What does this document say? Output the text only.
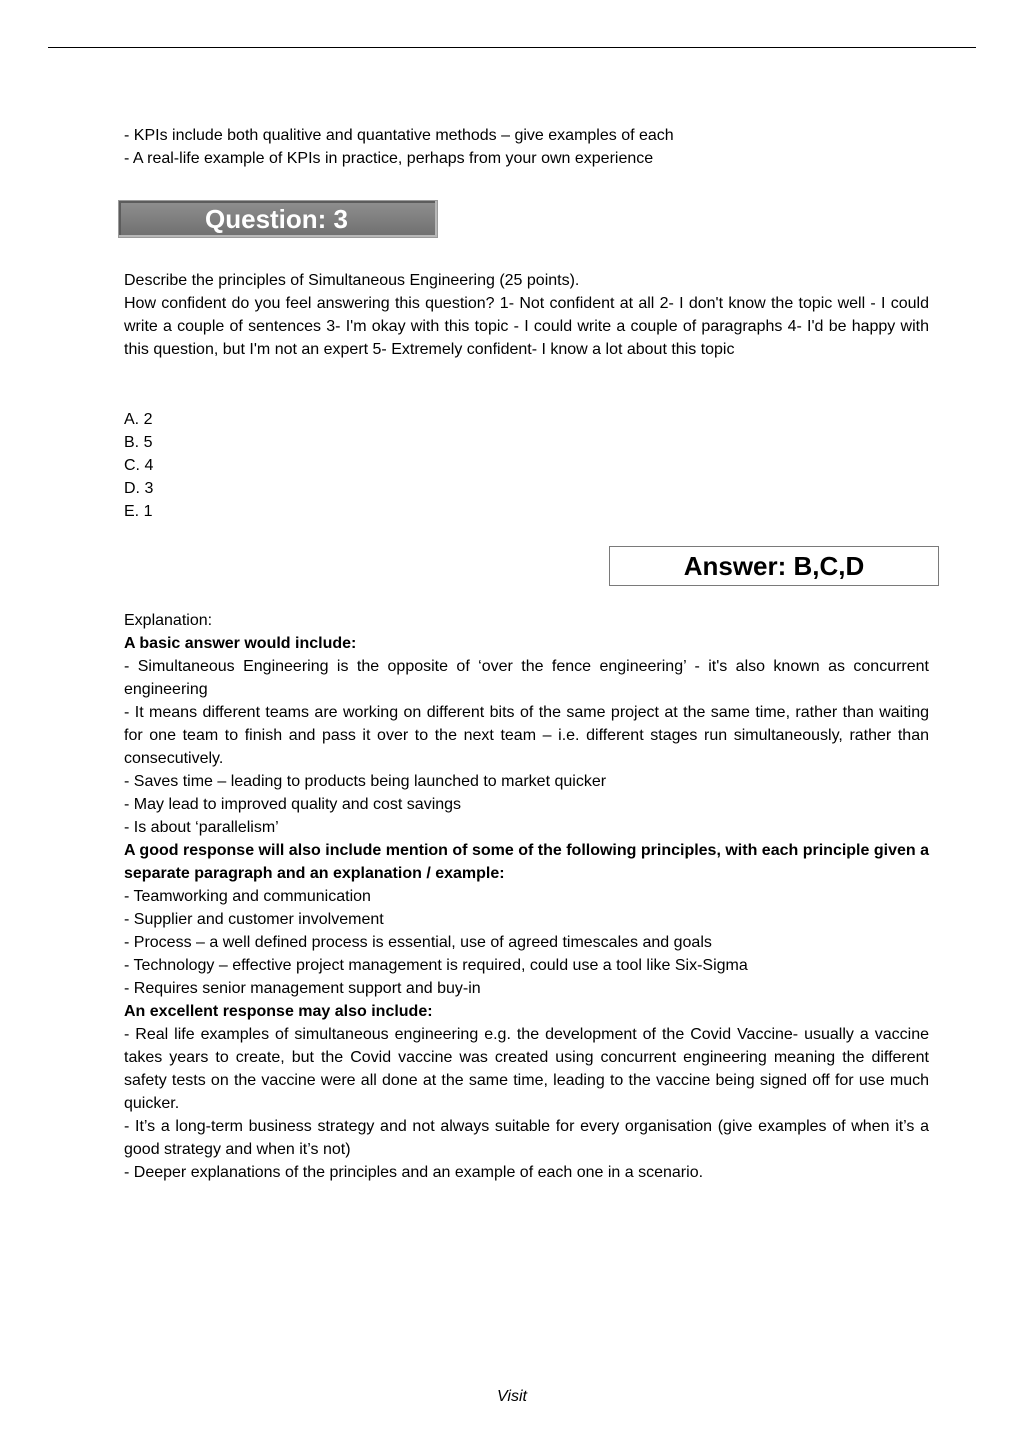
- KPIs include both qualitive and quantative methods – give examples of each
- A real-life example of KPIs in practice, perhaps from your own experience
Question: 3
Describe the principles of Simultaneous Engineering (25 points).
How confident do you feel answering this question? 1- Not confident at all 2- I don't know the topic well - I could write a couple of sentences 3- I'm okay with this topic - I could write a couple of paragraphs 4- I'd be happy with this question, but I'm not an expert 5- Extremely confident- I know a lot about this topic
A. 2
B. 5
C. 4
D. 3
E. 1
Answer: B,C,D

Explanation:

A basic answer would include:

- Simultaneous Engineering is the opposite of ‘over the fence engineering’ - it's also known as concurrent engineering

- It means different teams are working on different bits of the same project at the same time, rather than waiting for one team to finish and pass it over to the next team – i.e. different stages run simultaneously, rather than consecutively.

- Saves time – leading to products being launched to market quicker

- May lead to improved quality and cost savings

- Is about ‘parallelism’

A good response will also include mention of some of the following principles, with each principle given a separate paragraph and an explanation / example:

- Teamworking and communication

- Supplier and customer involvement

- Process – a well defined process is essential, use of agreed timescales and goals

- Technology – effective project management is required, could use a tool like Six-Sigma

- Requires senior management support and buy-in

An excellent response may also include:

- Real life examples of simultaneous engineering e.g. the development of the Covid Vaccine- usually a vaccine takes years to create, but the Covid vaccine was created using concurrent engineering meaning the different safety tests on the vaccine were all done at the same time, leading to the vaccine being signed off for use much quicker.

- It’s a long-term business strategy and not always suitable for every organisation (give examples of when it’s a good strategy and when it’s not)

- Deeper explanations of the principles and an example of each one in a scenario.

Visit
